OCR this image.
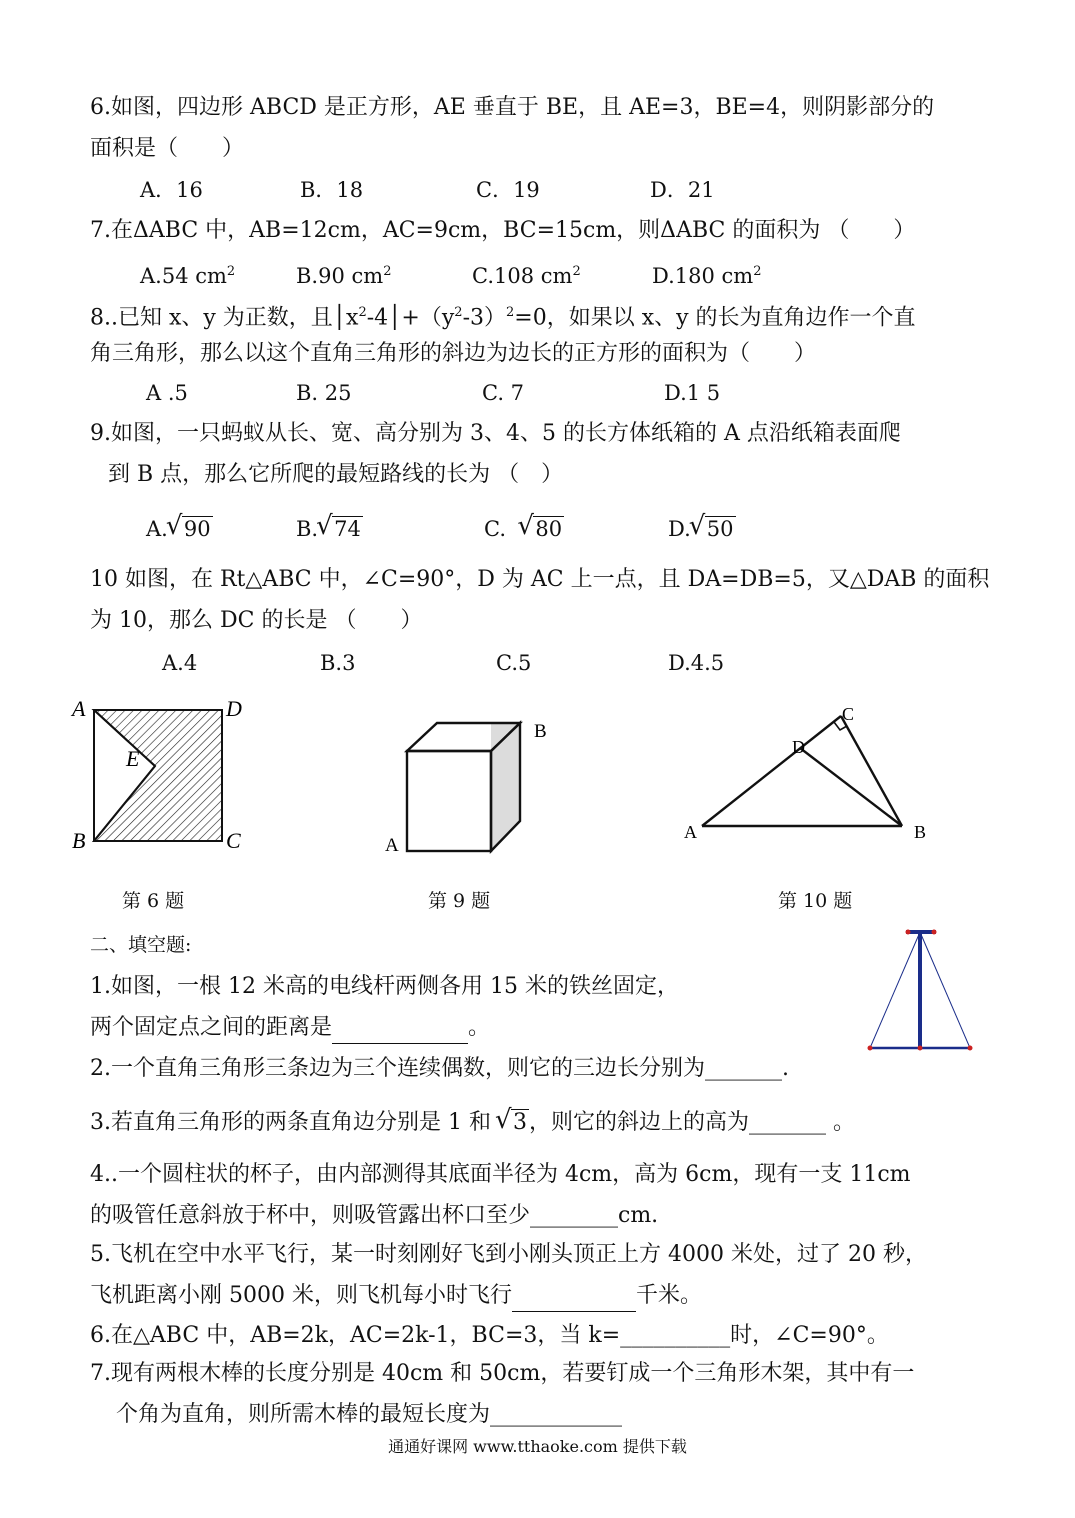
6.如图，四边形 ABCD 是正方形，AE 垂直于 BE，且 AE=3，BE=4，则阴影部分的
面积是（　　）
A．16	B．18	C．19	D．21
7.在ΔABC 中，AB=12cm，AC=9cm，BC=15cm，则ΔABC 的面积为 （　　）
A.54 $cm^2$	B.90 $cm^2$	C.108 $cm^2$	D.180 $cm^2$
8..已知 x、y 为正数，且$│x^2-4│+(y^2-3)^2=0$，如果以 x、y 的长为直角边作一个直
角三角形，那么以这个直角三角形的斜边为边长的正方形的面积为（　　）
A .5	B. 25	C. 7	D.1 5
9.如图，一只蚂蚁从长、宽、高分别为 3、4、5 的长方体纸箱的 A 点沿纸箱表面爬
到 B 点，那么它所爬的最短路线的长为 （　）
A. √ 90	B. √ 74	C. √ 80	D. √ 50
10 如图，在 Rt△ABC 中，∠C=90°，D 为 AC 上一点，且 DA=DB=5，又△DAB 的面积
为 10，那么 DC 的长是 （　　）
A.4	B.3	C.5	D.4.5
A	D
E
B	C
第 6 题
B
A
第 9 题
C
D
A	B
第 10 题
二、填空题:
1.如图，一根 12 米高的电线杆两侧各用 15 米的铁丝固定，
两个固定点之间的距离是	。
2.一个直角三角形三条边为三个连续偶数，则它的三边长分别为_______.
3.若直角三角形的两条直角边分别是 1 和 √ 3，则它的斜边上的高为_______ 。
4..一个圆柱状的杯子，由内部测得其底面半径为 4cm，高为 6cm，现有一支 11cm
的吸管任意斜放于杯中，则吸管露出杯口至少________cm.
5.飞机在空中水平飞行，某一时刻刚好飞到小刚头顶正上方 4000 米处，过了 20 秒，
飞机距离小刚 5000 米，则飞机每小时飞行	千米。
6.在△ABC 中，AB=2k，AC=2k-1，BC=3，当 k=__________时，∠C=90°。
7.现有两根木棒的长度分别是 40cm 和 50cm，若要钉成一个三角形木架，其中有一
个角为直角，则所需木棒的最短长度为____________
通通好课网 www.tthaoke.com 提供下载
